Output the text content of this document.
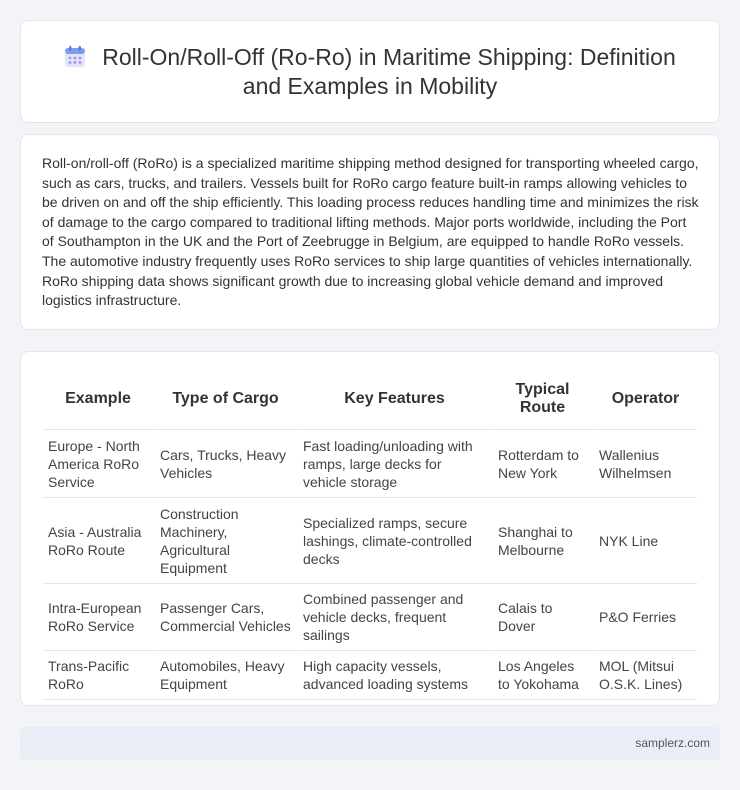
Roll-On/Roll-Off (Ro-Ro) in Maritime Shipping: Definition and Examples in Mobility

Roll-on/roll-off (RoRo) is a specialized maritime shipping method designed for transporting wheeled cargo, such as cars, trucks, and trailers. Vessels built for RoRo cargo feature built-in ramps allowing vehicles to be driven on and off the ship efficiently. This loading process reduces handling time and minimizes the risk of damage to the cargo compared to traditional lifting methods. Major ports worldwide, including the Port of Southampton in the UK and the Port of Zeebrugge in Belgium, are equipped to handle RoRo vessels. The automotive industry frequently uses RoRo services to ship large quantities of vehicles internationally. RoRo shipping data shows significant growth due to increasing global vehicle demand and improved logistics infrastructure.

Example	Type of Cargo	Key Features	Typical Route	Operator
Europe - North America RoRo Service	Cars, Trucks, Heavy Vehicles	Fast loading/unloading with ramps, large decks for vehicle storage	Rotterdam to New York	Wallenius Wilhelmsen
Asia - Australia RoRo Route	Construction Machinery, Agricultural Equipment	Specialized ramps, secure lashings, climate-controlled decks	Shanghai to Melbourne	NYK Line
Intra-European RoRo Service	Passenger Cars, Commercial Vehicles	Combined passenger and vehicle decks, frequent sailings	Calais to Dover	P&O Ferries
Trans-Pacific RoRo	Automobiles, Heavy Equipment	High capacity vessels, advanced loading systems	Los Angeles to Yokohama	MOL (Mitsui O.S.K. Lines)
samplerz.com
